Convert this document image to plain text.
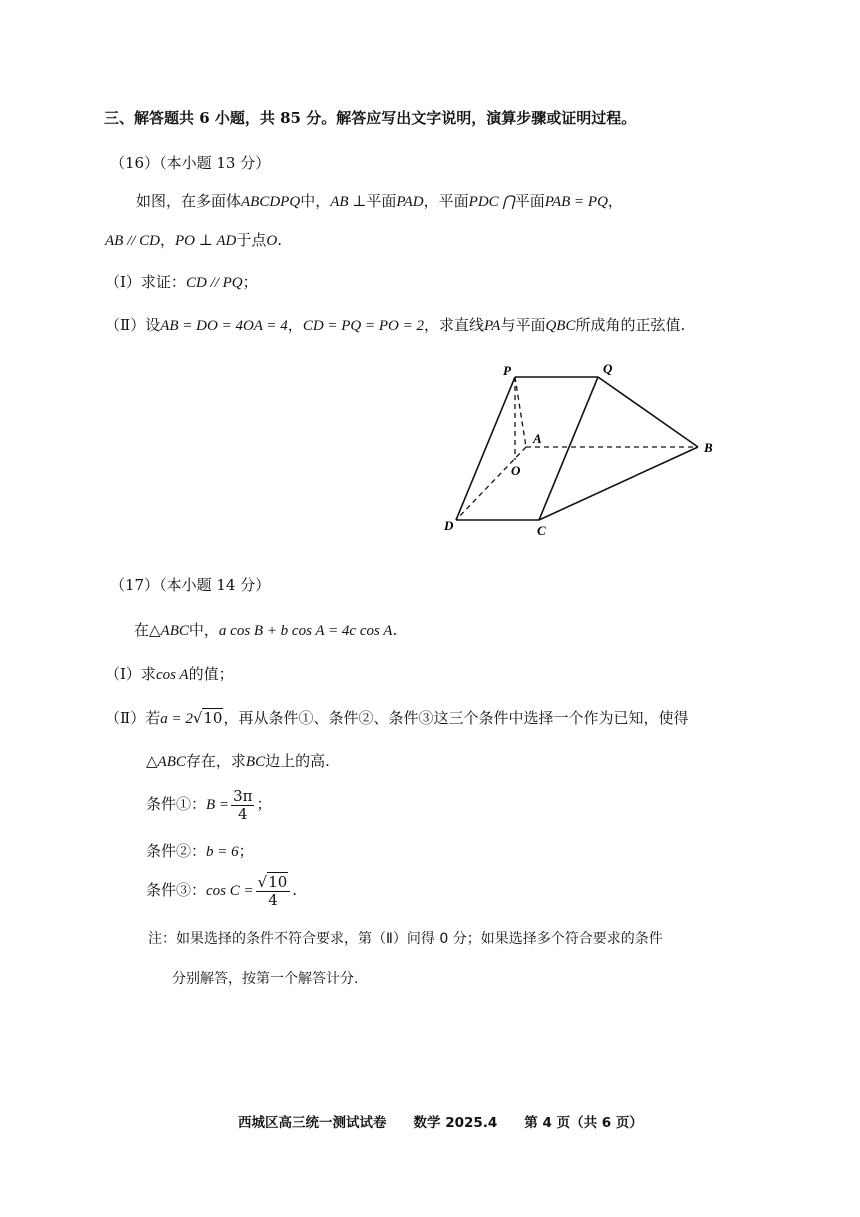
三、解答题共 6 小题，共 85 分。解答应写出文字说明，演算步骤或证明过程。
（16）（本小题 13 分）
如图，在多面体ABCDPQ中，AB ⊥平面PAD，平面PDC ⋂平面PAB = PQ，
AB // CD，PO ⊥ AD于点O.
（Ⅰ）求证：CD // PQ；
（Ⅱ）设AB = DO = 4OA = 4，CD = PQ = PO = 2，求直线PA与平面QBC所成角的正弦值.
P	Q
A
B
O
D	C
（17）（本小题 14 分）
在△ABC中，a cos B + b cos A = 4c cos A.
（Ⅰ）求cos A的值；
（Ⅱ）若a = 2√10，再从条件①、条件②、条件③这三个条件中选择一个作为已知，使得
△ABC存在，求BC边上的高.
条件①：$B = \frac{3\pi}{4}$ ；
条件②：b = 6；
条件③：$\cos C = \frac{√10}{4}$ .
注：如果选择的条件不符合要求，第（Ⅱ）问得 0 分；如果选择多个符合要求的条件
分别解答，按第一个解答计分.
西城区高三统一测试试卷　　数学 2025.4　　第 4 页（共 6 页）
